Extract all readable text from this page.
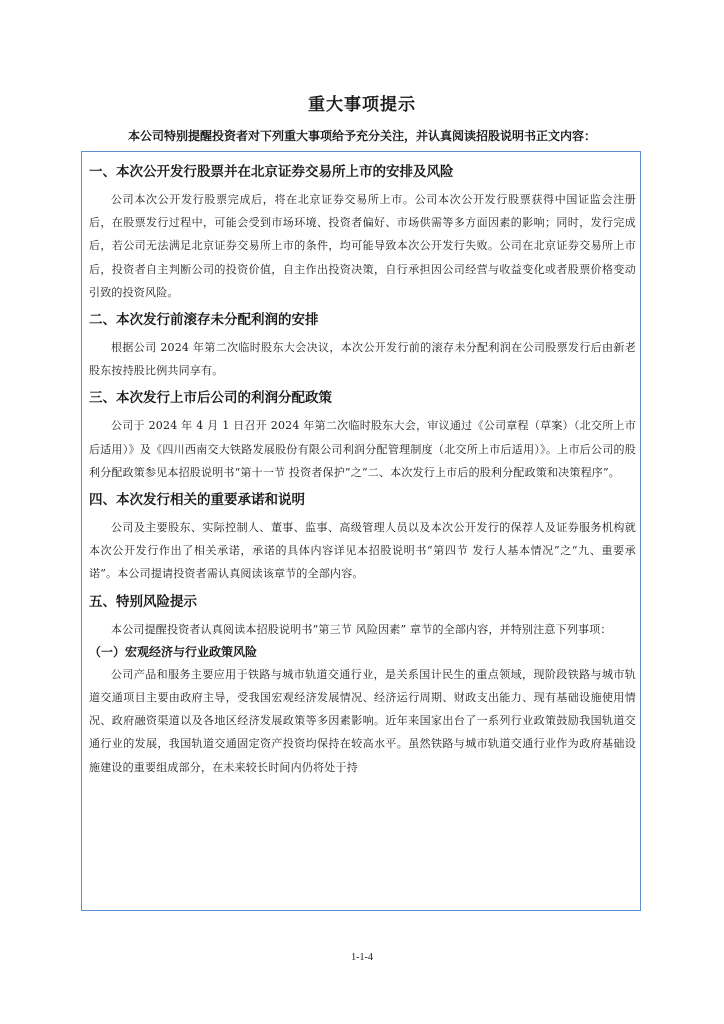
重大事项提示
本公司特别提醒投资者对下列重大事项给予充分关注，并认真阅读招股说明书正文内容：
一、本次公开发行股票并在北京证券交易所上市的安排及风险

公司本次公开发行股票完成后，将在北京证券交易所上市。公司本次公开发行股票获得中国证监会注册后，在股票发行过程中，可能会受到市场环境、投资者偏好、市场供需等多方面因素的影响；同时，发行完成后，若公司无法满足北京证券交易所上市的条件，均可能导致本次公开发行失败。公司在北京证券交易所上市后，投资者自主判断公司的投资价值，自主作出投资决策，自行承担因公司经营与收益变化或者股票价格变动引致的投资风险。

二、本次发行前滚存未分配利润的安排

根据公司 2024 年第二次临时股东大会决议，本次公开发行前的滚存未分配利润在公司股票发行后由新老股东按持股比例共同享有。

三、本次发行上市后公司的利润分配政策

公司于 2024 年 4 月 1 日召开 2024 年第二次临时股东大会，审议通过《公司章程（草案）（北交所上市后适用）》及《四川西南交大铁路发展股份有限公司利润分配管理制度（北交所上市后适用）》。上市后公司的股利分配政策参见本招股说明书“第十一节 投资者保护”之“二、本次发行上市后的股利分配政策和决策程序”。

四、本次发行相关的重要承诺和说明

公司及主要股东、实际控制人、董事、监事、高级管理人员以及本次公开发行的保荐人及证券服务机构就本次公开发行作出了相关承诺，承诺的具体内容详见本招股说明书“第四节 发行人基本情况”之“九、重要承诺”。本公司提请投资者需认真阅读该章节的全部内容。

五、特别风险提示

本公司提醒投资者认真阅读本招股说明书“第三节 风险因素” 章节的全部内容，并特别注意下列事项：

（一）宏观经济与行业政策风险

公司产品和服务主要应用于铁路与城市轨道交通行业，是关系国计民生的重点领域，现阶段铁路与城市轨道交通项目主要由政府主导，受我国宏观经济发展情况、经济运行周期、财政支出能力、现有基础设施使用情况、政府融资渠道以及各地区经济发展政策等多因素影响。近年来国家出台了一系列行业政策鼓励我国轨道交通行业的发展，我国轨道交通固定资产投资均保持在较高水平。虽然铁路与城市轨道交通行业作为政府基础设施建设的重要组成部分，在未来较长时间内仍将处于持

1-1-4
